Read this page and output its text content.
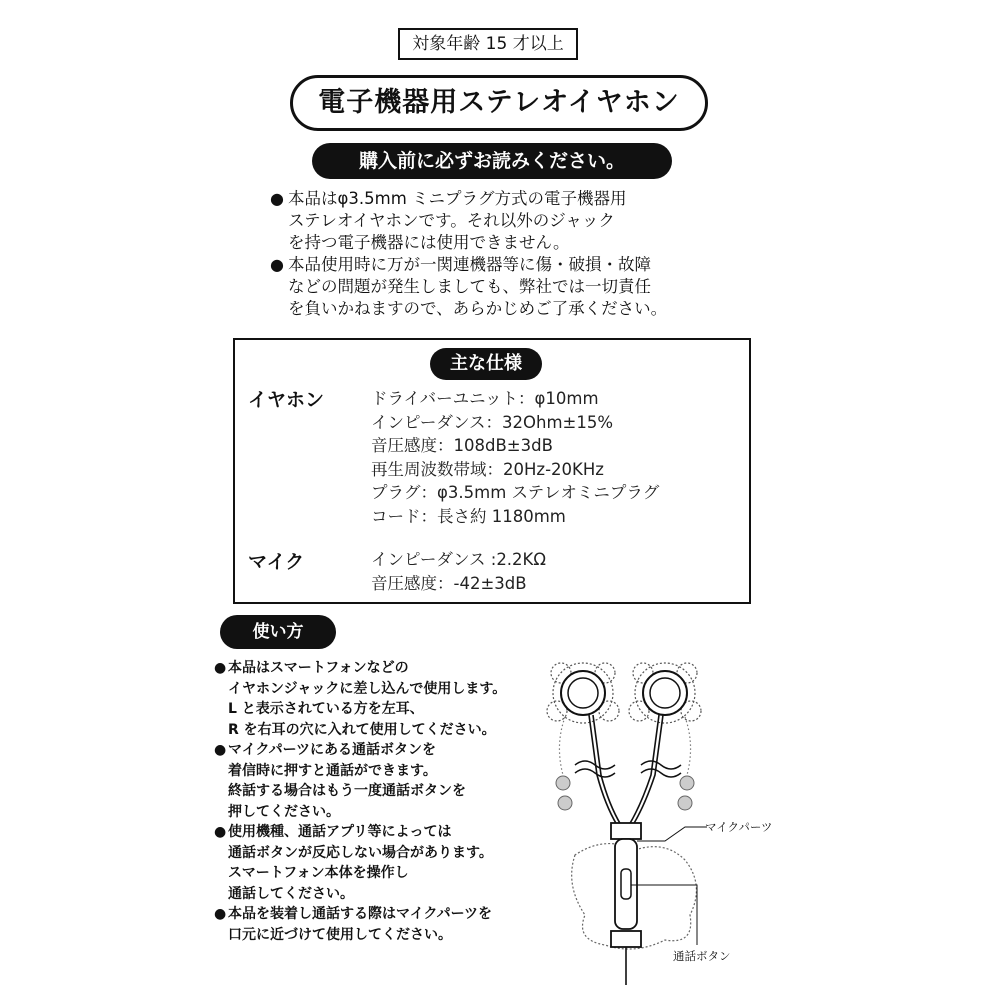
対象年齢 15 才以上
電子機器用ステレオイヤホン
購入前に必ずお読みください。
● 本品はφ3.5mm ミニプラグ方式の電子機器用
ステレオイヤホンです。それ以外のジャック
を持つ電子機器には使用できません。
● 本品使用時に万が一関連機器等に傷・破損・故障
などの問題が発生しましても、弊社では一切責任
を負いかねますので、あらかじめご了承ください。
主な仕様
イヤホン	ドライバーユニット：φ10mm
インピーダンス：32Ohm±15%
音圧感度：108dB±3dB
再生周波数帯域：20Hz-20KHz
プラグ：φ3.5mm ステレオミニプラグ
コード：長さ約 1180mm
マイク	インピーダンス :2.2KΩ
音圧感度：-42±3dB
使い方

● 本品はスマートフォンなどの
イヤホンジャックに差し込んで使用します。
L と表示されている方を左耳、
R を右耳の穴に入れて使用してください。

● マイクパーツにある通話ボタンを
着信時に押すと通話ができます。
終話する場合はもう一度通話ボタンを
押してください。

● 使用機種、通話アプリ等によっては
通話ボタンが反応しない場合があります。
スマートフォン本体を操作し
通話してください。

● 本品を装着し通話する際はマイクパーツを
口元に近づけて使用してください。

マイクパーツ
通話ボタン
